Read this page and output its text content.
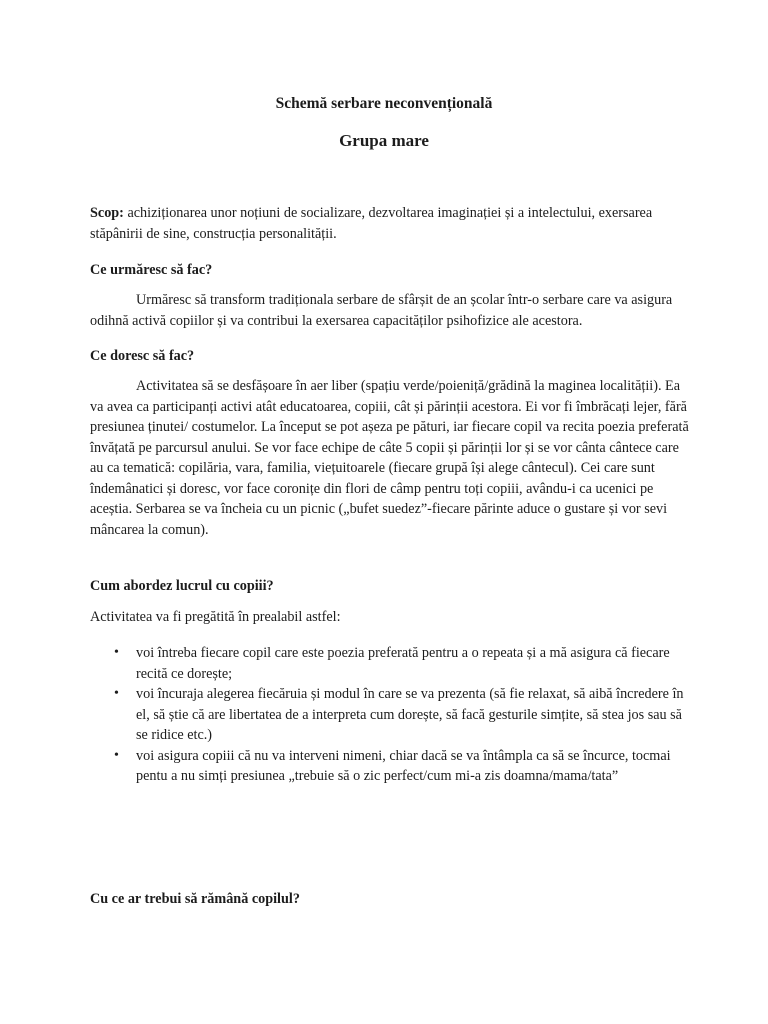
Schemă serbare neconvențională
Grupa mare

Scop: achiziționarea unor noțiuni de socializare, dezvoltarea imaginației și a intelectului, exersarea stăpânirii de sine, construcția personalității.

Ce urmăresc să fac?

Urmăresc să transform tradiționala serbare de sfârșit de an școlar într-o serbare care va asigura odihnă activă copiilor și va contribui la exersarea capacităților psihofizice ale acestora.

Ce doresc să fac?

Activitatea să se desfășoare în aer liber (spațiu verde/poieniță/grădină la maginea localității). Ea va avea ca participanți activi atât educatoarea, copiii, cât și părinții acestora. Ei vor fi îmbrăcați lejer, fără presiunea ținutei/ costumelor. La început se pot așeza pe pături, iar fiecare copil va recita poezia preferată învățată pe parcursul anului. Se vor face echipe de câte 5 copii și părinții lor și se vor cânta cântece care au ca tematică: copilăria, vara, familia, viețuitoarele (fiecare grupă își alege cântecul). Cei care sunt îndemânatici și doresc, vor face coronițe din flori de câmp pentru toți copiii, avându-i ca ucenici pe aceștia. Serbarea se va încheia cu un picnic („bufet suedez”-fiecare părinte aduce o gustare și vor sevi mâncarea la comun).

Cum abordez lucrul cu copiii?

Activitatea va fi pregătită în prealabil astfel:

• voi întreba fiecare copil care este poezia preferată pentru a o repeata și a mă asigura că fiecare recită ce dorește;
• voi încuraja alegerea fiecăruia și modul în care se va prezenta (să fie relaxat, să aibă încredere în el, să știe că are libertatea de a interpreta cum dorește, să facă gesturile simțite, să stea jos sau să se ridice etc.)
• voi asigura copiii că nu va interveni nimeni, chiar dacă se va întâmpla ca să se încurce, tocmai pentu a nu simți presiunea „trebuie să o zic perfect/cum mi-a zis doamna/mama/tata”

Cu ce ar trebui să rămână copilul?
